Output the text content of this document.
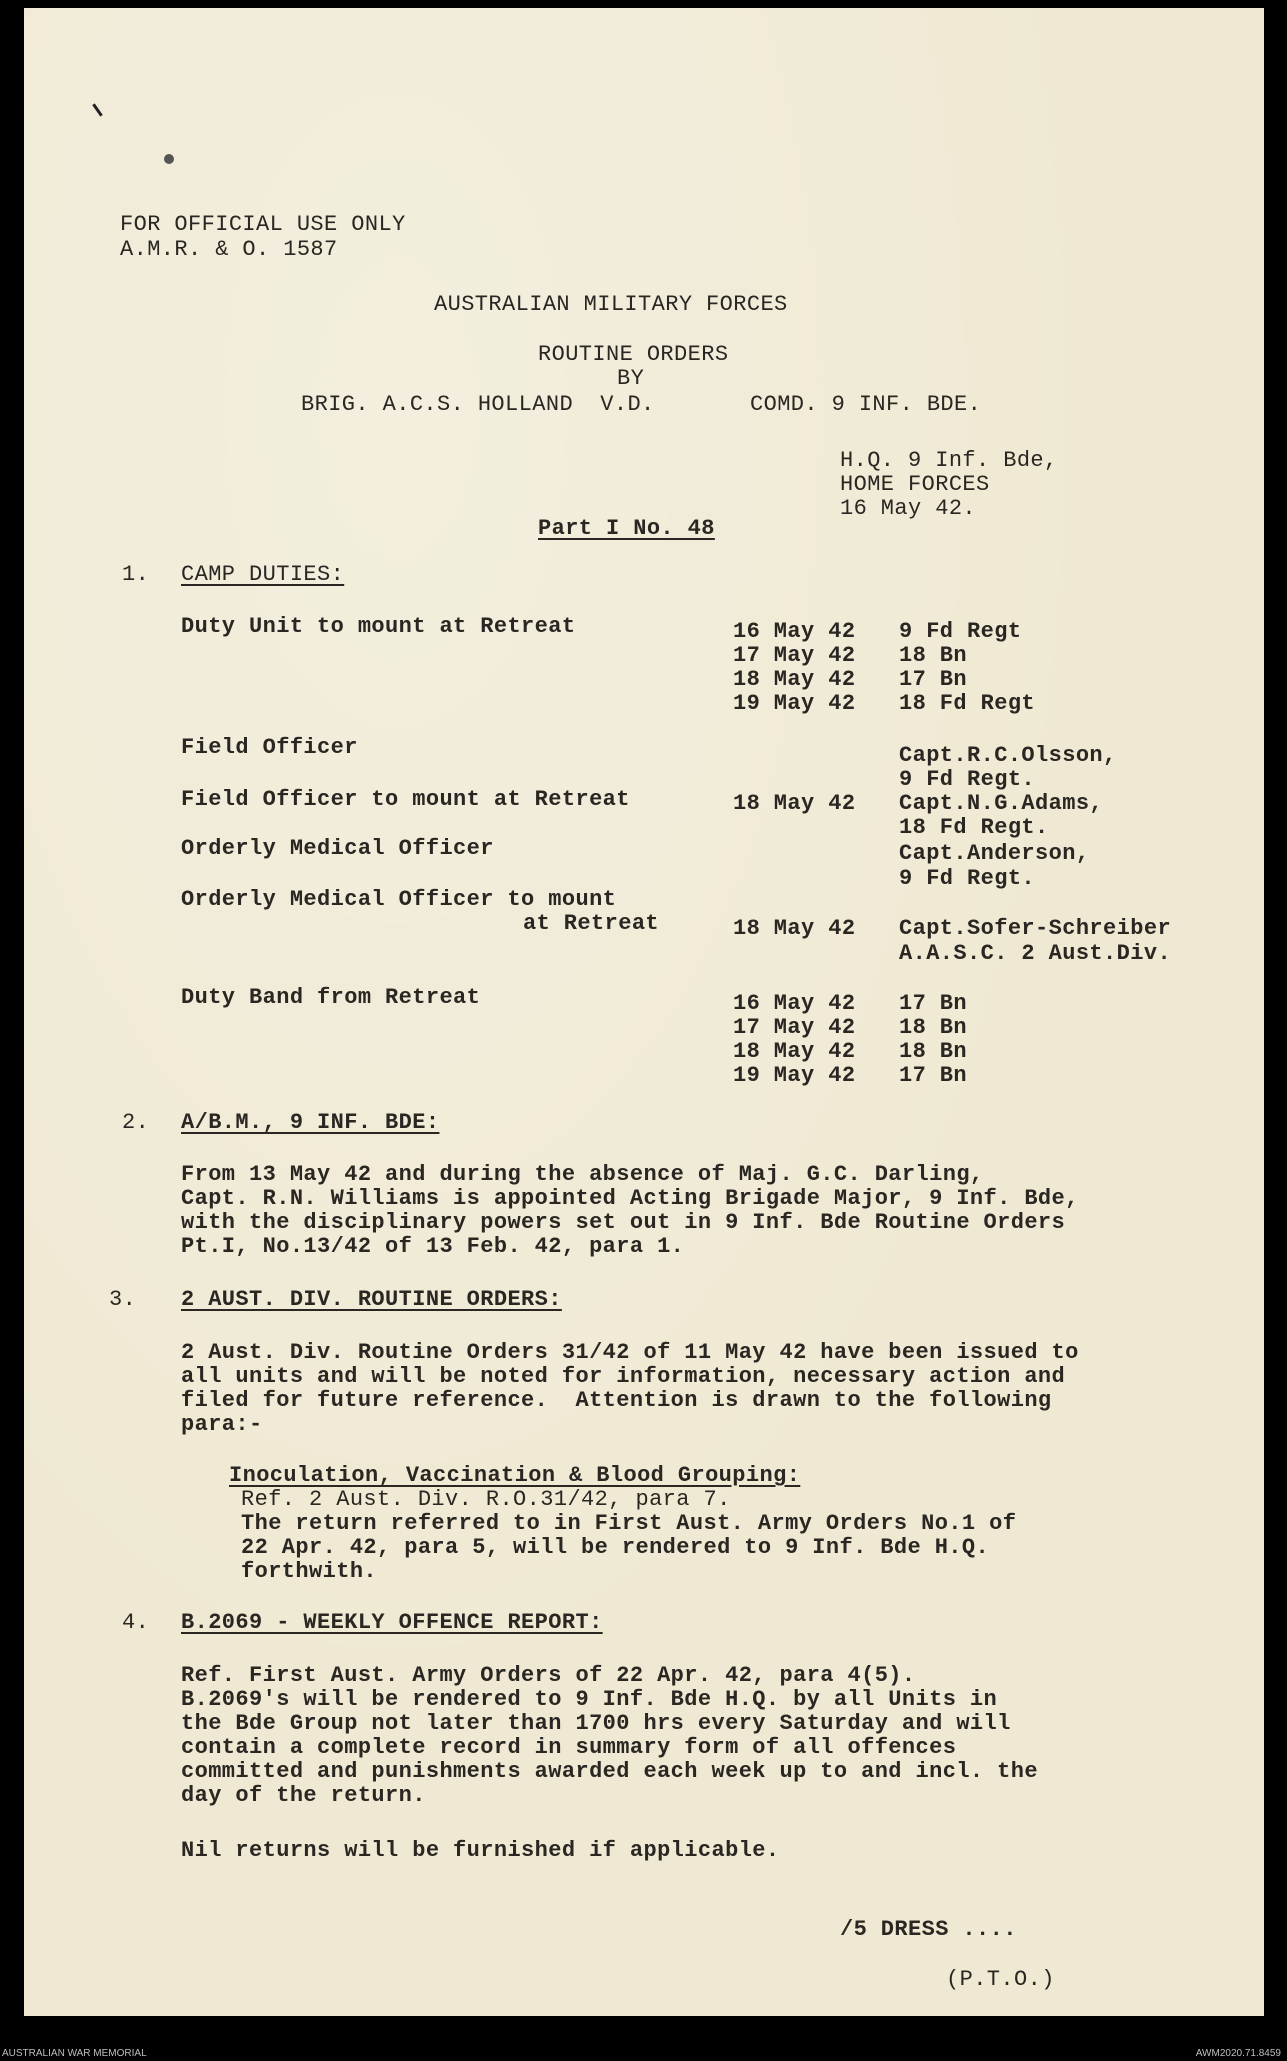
FOR OFFICIAL USE ONLY
A.M.R. & O. 1587
AUSTRALIAN MILITARY FORCES
ROUTINE ORDERS
BY
BRIG. A.C.S. HOLLAND  V.D.	COMD. 9 INF. BDE.
H.Q. 9 Inf. Bde,
HOME FORCES
16 May 42.
Part I No. 48
1. CAMP DUTIES:
Duty Unit to mount at Retreat	16 May 42 9 Fd Regt
17 May 42 18 Bn
18 May 42 17 Bn
19 May 42 18 Fd Regt
Field Officer	Capt.R.C.Olsson,
9 Fd Regt.
Field Officer to mount at Retreat	18 May 42 Capt.N.G.Adams,
18 Fd Regt.
Orderly Medical Officer	Capt.Anderson,
9 Fd Regt.
Orderly Medical Officer to mount
at Retreat	18 May 42 Capt.Sofer-Schreiber
A.A.S.C. 2 Aust.Div.
Duty Band from Retreat	16 May 42 17 Bn
17 May 42 18 Bn
18 May 42 18 Bn
19 May 42 17 Bn
2. A/B.M., 9 INF. BDE:
From 13 May 42 and during the absence of Maj. G.C. Darling,
Capt. R.N. Williams is appointed Acting Brigade Major, 9 Inf. Bde,
with the disciplinary powers set out in 9 Inf. Bde Routine Orders
Pt.I, No.13/42 of 13 Feb. 42, para 1.
3. 2 AUST. DIV. ROUTINE ORDERS:
2 Aust. Div. Routine Orders 31/42 of 11 May 42 have been issued to
all units and will be noted for information, necessary action and
filed for future reference.  Attention is drawn to the following
para:-
Inoculation, Vaccination & Blood Grouping:
Ref. 2 Aust. Div. R.O.31/42, para 7.
The return referred to in First Aust. Army Orders No.1 of
22 Apr. 42, para 5, will be rendered to 9 Inf. Bde H.Q.
forthwith.
4. B.2069 - WEEKLY OFFENCE REPORT:
Ref. First Aust. Army Orders of 22 Apr. 42, para 4(5).
B.2069's will be rendered to 9 Inf. Bde H.Q. by all Units in
the Bde Group not later than 1700 hrs every Saturday and will
contain a complete record in summary form of all offences
committed and punishments awarded each week up to and incl. the
day of the return.
Nil returns will be furnished if applicable.
/5 DRESS ....
(P.T.O.)
AUSTRALIAN WAR MEMORIAL	AWM2020.71.8459
